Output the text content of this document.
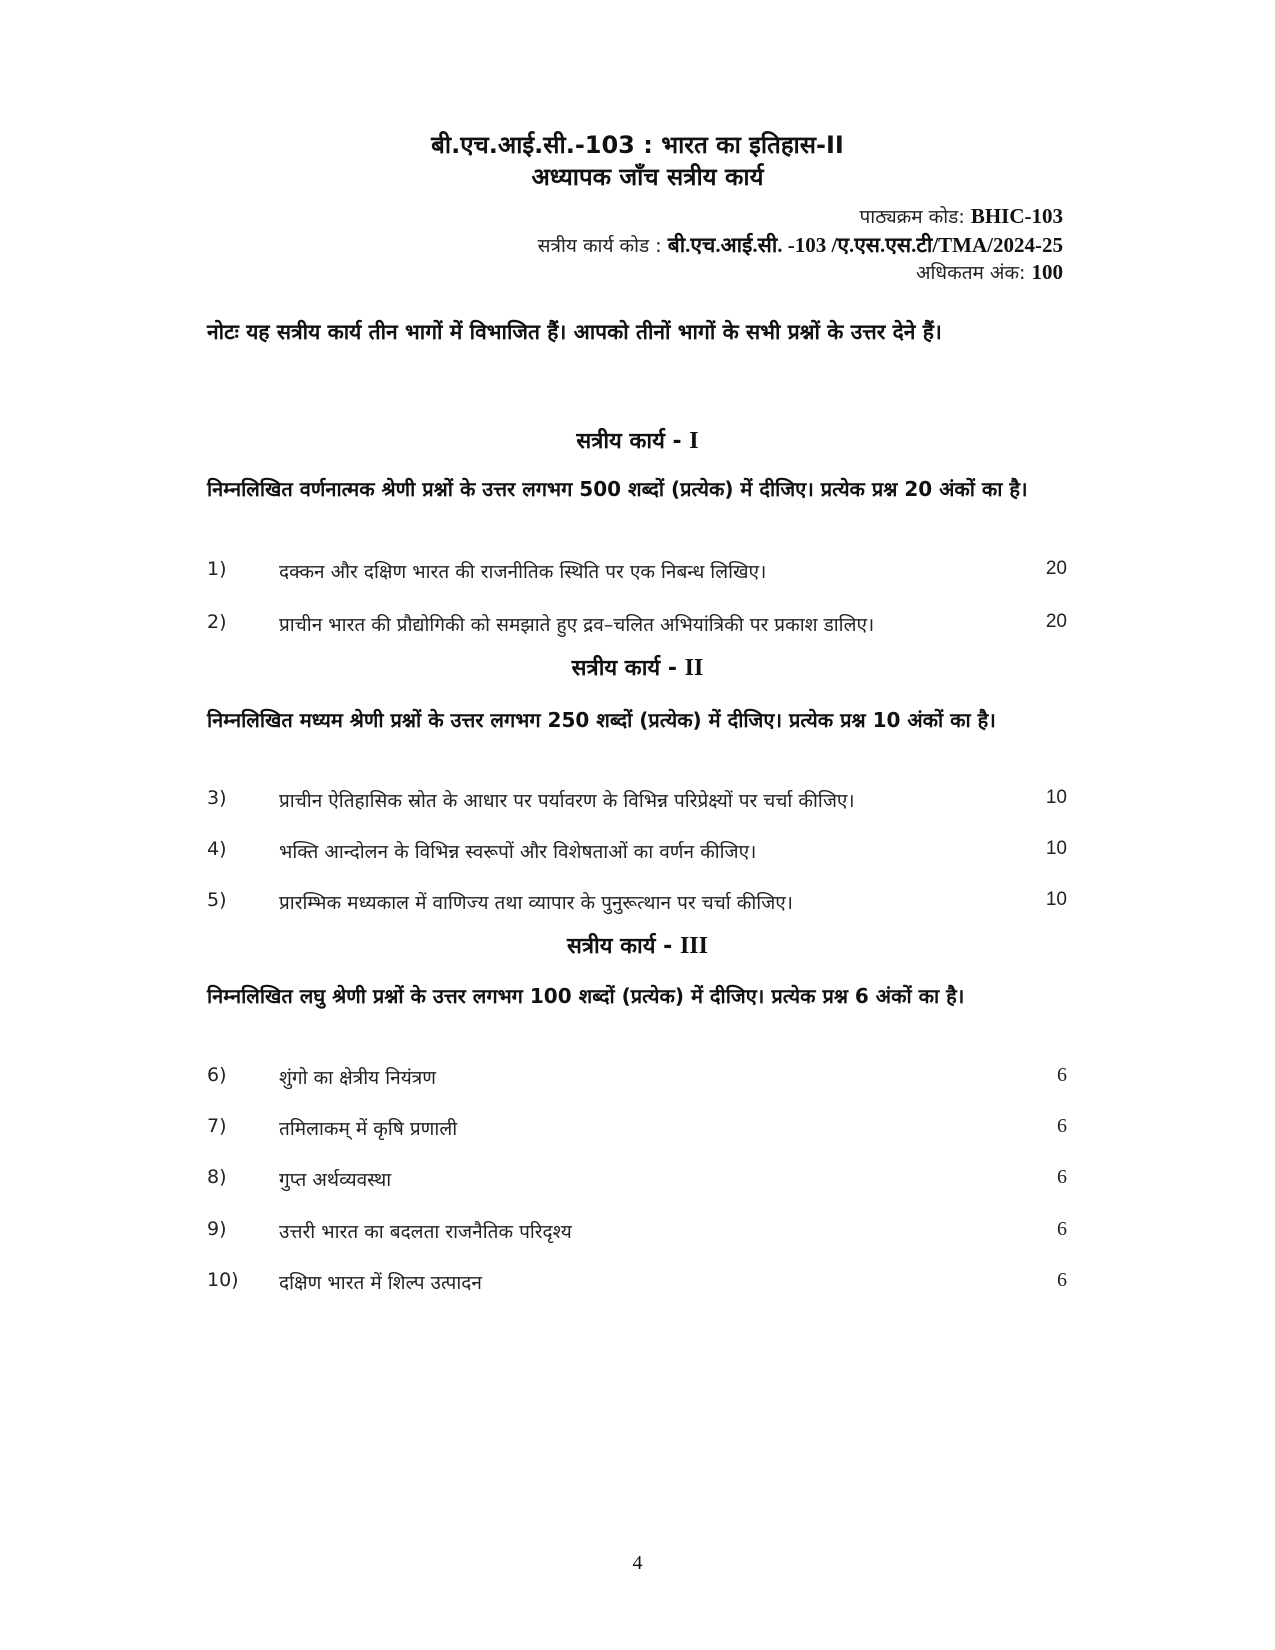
बी.एच.आई.सी.-103 : भारत का इतिहास-II
अध्यापक जाँच सत्रीय कार्य
पाठ्यक्रम कोड: BHIC-103
सत्रीय कार्य कोड : बी.एच.आई.सी. -103 /ए.एस.एस.टी/TMA/2024-25
अधिकतम अंक: 100
नोटः यह सत्रीय कार्य तीन भागों में विभाजित हैं। आपको तीनों भागों के सभी प्रश्नों के उत्तर देने हैं।
सत्रीय कार्य - I
निम्नलिखित वर्णनात्मक श्रेणी प्रश्नों के उत्तर लगभग 500 शब्दों (प्रत्येक) में दीजिए। प्रत्येक प्रश्न 20 अंकों का है।
1)	दक्कन और दक्षिण भारत की राजनीतिक स्थिति पर एक निबन्ध लिखिए।	20
2)	प्राचीन भारत की प्रौद्योगिकी को समझाते हुए द्रव–चलित अभियांत्रिकी पर प्रकाश डालिए।	20
सत्रीय कार्य - II
निम्नलिखित मध्यम श्रेणी प्रश्नों के उत्तर लगभग 250 शब्दों (प्रत्येक) में दीजिए। प्रत्येक प्रश्न 10 अंकों का है।
3)	प्राचीन ऐतिहासिक स्रोत के आधार पर पर्यावरण के विभिन्न परिप्रेक्ष्यों पर चर्चा कीजिए।	10
4)	भक्ति आन्दोलन के विभिन्न स्वरूपों और विशेषताओं का वर्णन कीजिए।	10
5)	प्रारम्भिक मध्यकाल में वाणिज्य तथा व्यापार के पुनुरूत्थान पर चर्चा कीजिए।	10
सत्रीय कार्य - III
निम्नलिखित लघु श्रेणी प्रश्नों के उत्तर लगभग 100 शब्दों (प्रत्येक) में दीजिए। प्रत्येक प्रश्न 6 अंकों का है।
6)	शुंगो का क्षेत्रीय नियंत्रण	6
7)	तमिलाकम् में कृषि प्रणाली	6
8)	गुप्त अर्थव्यवस्था	6
9)	उत्तरी भारत का बदलता राजनैतिक परिदृश्य	6
10) दक्षिण भारत में शिल्प उत्पादन	6
4
